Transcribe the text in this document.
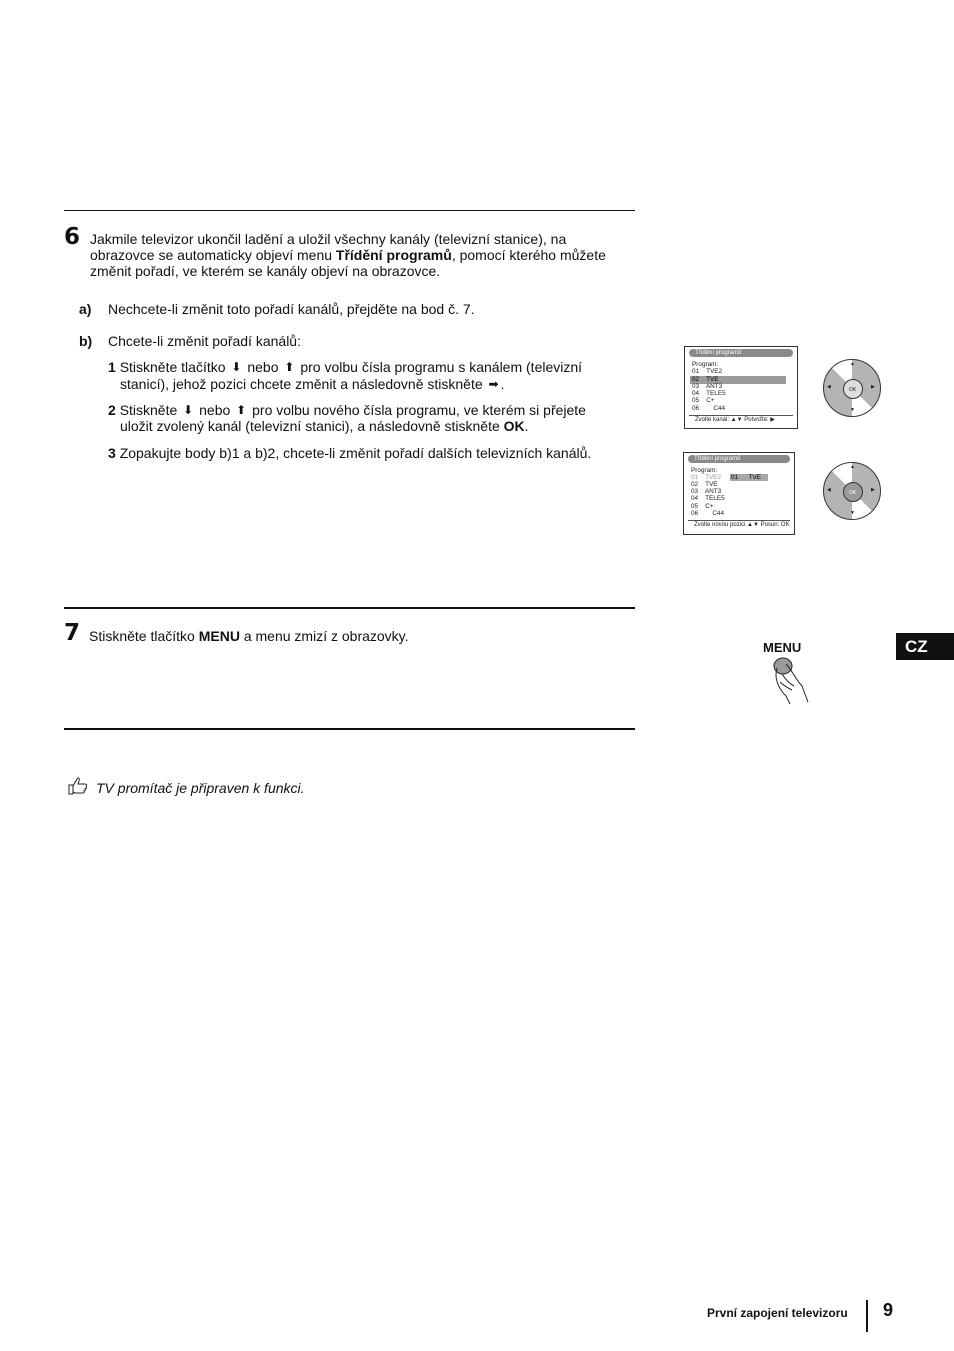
6 Jakmile televizor ukončil ladění a uložil všechny kanály (televizní stanice), na
obrazovce se automaticky objeví menu Třídění programů, pomocí kterého můžete
změnit pořadí, ve kterém se kanály objeví na obrazovce.
a) Nechcete-li změnit toto pořadí kanálů, přejděte na bod č. 7.
b) Chcete-li změnit pořadí kanálů:
1 Stiskněte tlačítko ⬇ nebo ⬆ pro volbu čísla programu s kanálem (televizní
stanicí), jehož pozici chcete změnit a následovně stiskněte ➡ .
2 Stiskněte ⬇ nebo ⬆ pro volbu nového čísla programu, ve kterém si přejete
uložit zvolený kanál (televizní stanici), a následovně stiskněte OK.
3 Zopakujte body b)1 a b)2, chcete-li změnit pořadí dalších televizních kanálů.
Třídění programů
Program:
01    TVE2
02    TVE
03    ANT3
04    TELE5
05    C+
06        C44
Zvolte kanál: ▲▼ Potvrďte: ▶
OK
▲
▼
◀	▶
Třídění programů
Program:
01    TVE2 01      TVE
02    TVE
03    ANT3
04    TELE5
05    C+
06        C44
Zvolte novou pozici ▲▼ Posun: OK
OK
▲
▼
◀	▶
7 Stiskněte tlačítko MENU a menu zmizí z obrazovky.
MENU	CZ
TV promítač je připraven k funkci.
První zapojení televizoru 9
